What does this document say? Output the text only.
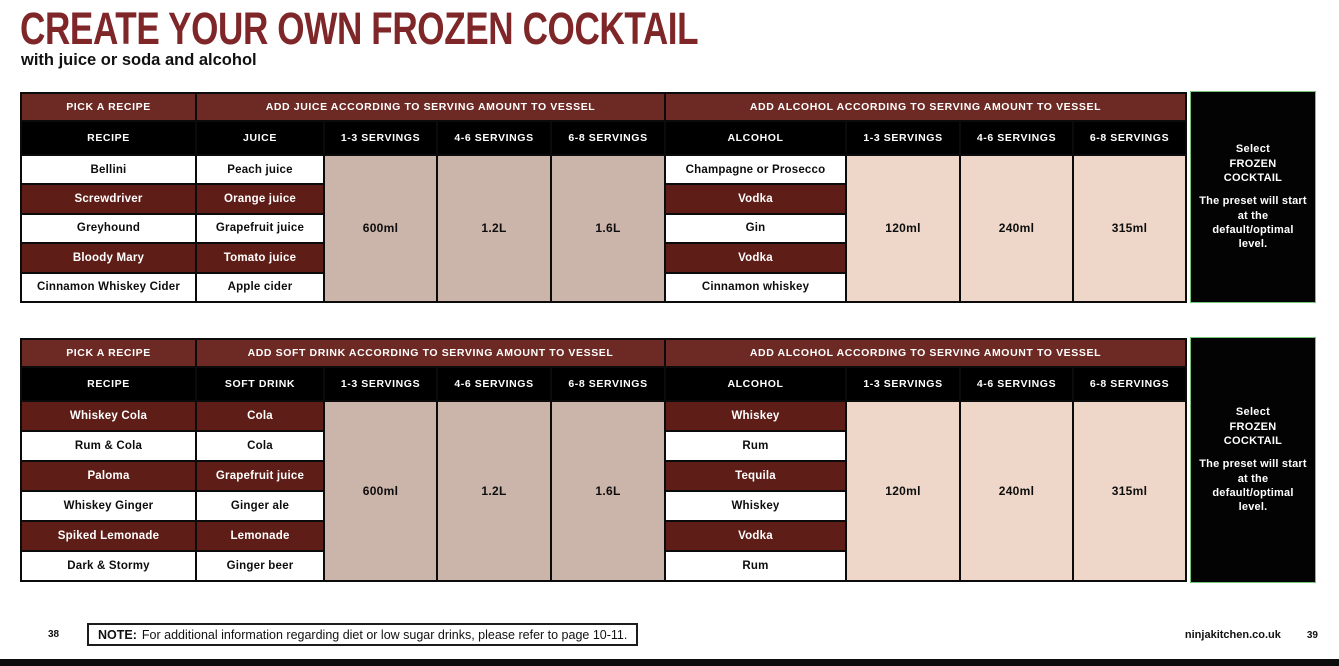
CREATE YOUR OWN FROZEN COCKTAIL
with juice or soda and alcohol
PICK A RECIPE	ADD JUICE ACCORDING TO SERVING AMOUNT TO VESSEL	ADD ALCOHOL ACCORDING TO SERVING AMOUNT TO VESSEL
RECIPE	JUICE	1-3 SERVINGS	4-6 SERVINGS	6-8 SERVINGS	ALCOHOL	1-3 SERVINGS	4-6 SERVINGS	6-8 SERVINGS
Bellini	Peach juice	Champagne or Prosecco
Screwdriver	Orange juice	Vodka
Greyhound	Grapefruit juice	Gin
Bloody Mary	Tomato juice	Vodka
Cinnamon Whiskey Cider	Apple cider	Cinnamon whiskey
600ml	1.2L	1.6L	120ml	240ml	315ml
Select
FROZEN COCKTAIL
The preset will start at the default/optimal level.
PICK A RECIPE	ADD SOFT DRINK ACCORDING TO SERVING AMOUNT TO VESSEL	ADD ALCOHOL ACCORDING TO SERVING AMOUNT TO VESSEL
RECIPE	SOFT DRINK	1-3 SERVINGS	4-6 SERVINGS	6-8 SERVINGS	ALCOHOL	1-3 SERVINGS	4-6 SERVINGS	6-8 SERVINGS
Whiskey Cola	Cola	Whiskey
Rum & Cola	Cola	Rum
Paloma	Grapefruit juice	Tequila
Whiskey Ginger	Ginger ale	Whiskey
Spiked Lemonade	Lemonade	Vodka
Dark & Stormy	Ginger beer	Rum
600ml	1.2L	1.6L	120ml	240ml	315ml
Select
FROZEN COCKTAIL
The preset will start at the default/optimal level.
38	NOTE: For additional information regarding diet or low sugar drinks, please refer to page 10-11.	ninjakitchen.co.uk	39
